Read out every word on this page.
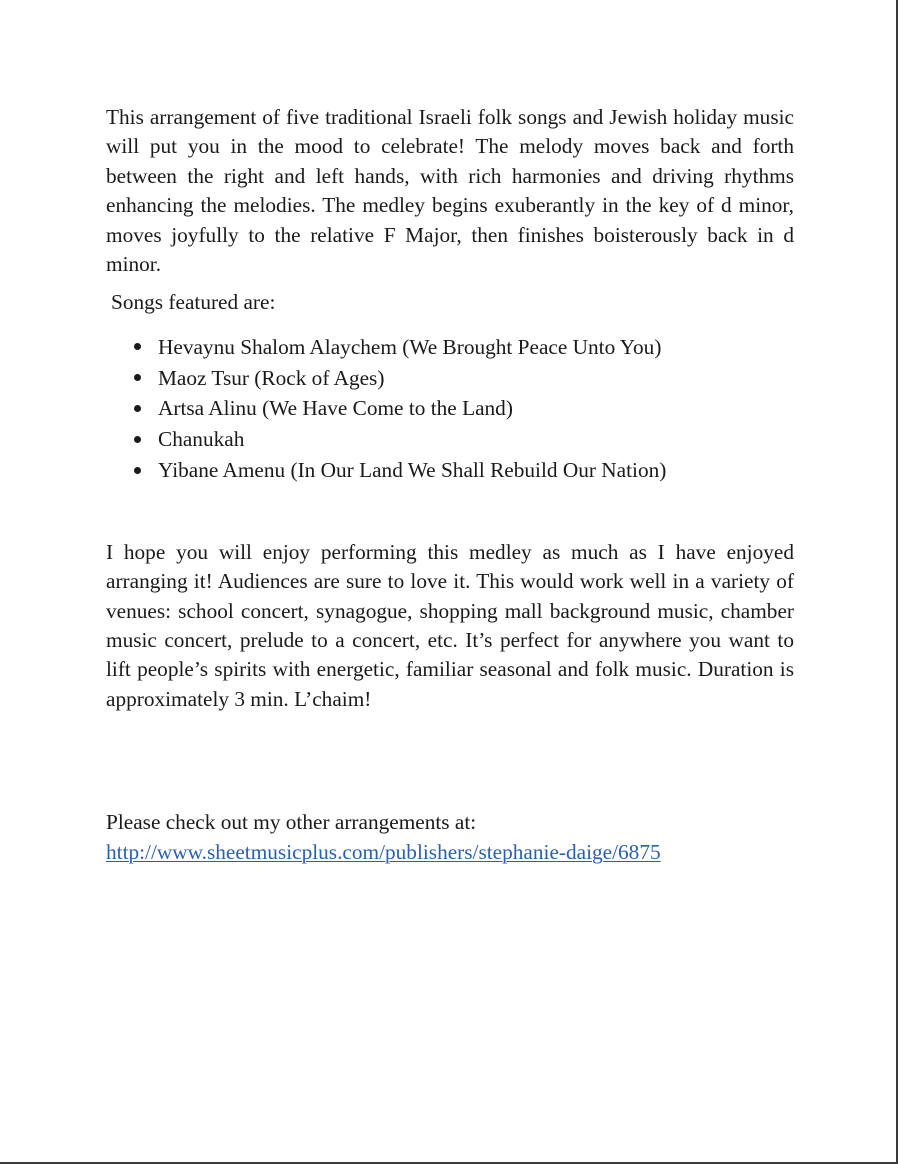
This arrangement of five traditional Israeli folk songs and Jewish holiday music will put you in the mood to celebrate! The melody moves back and forth between the right and left hands, with rich harmonies and driving rhythms enhancing the melodies. The medley begins exuberantly in the key of d minor, moves joyfully to the relative F Major, then finishes boisterously back in d minor.

Songs featured are:

Hevaynu Shalom Alaychem (We Brought Peace Unto You)
Maoz Tsur (Rock of Ages)
Artsa Alinu (We Have Come to the Land)
Chanukah
Yibane Amenu (In Our Land We Shall Rebuild Our Nation)

I hope you will enjoy performing this medley as much as I have enjoyed arranging it! Audiences are sure to love it. This would work well in a variety of venues: school concert, synagogue, shopping mall background music, chamber music concert, prelude to a concert, etc. It’s perfect for anywhere you want to lift people’s spirits with energetic, familiar seasonal and folk music. Duration is approximately 3 min. L’chaim!

Please check out my other arrangements at:

http://www.sheetmusicplus.com/publishers/stephanie-daige/6875
